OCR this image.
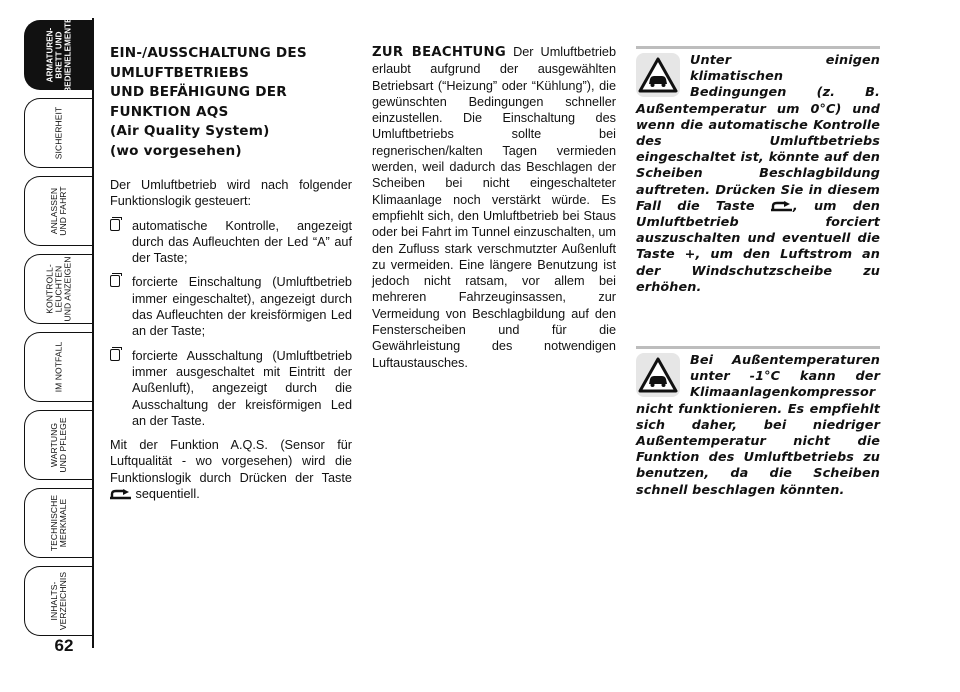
ARMATUREN-
BRETT UND
BEDIENELEMENTE
SICHERHEIT
ANLASSEN
UND FAHRT
KONTROLL-
LEUCHTEN
UND ANZEIGEN
IM NOTFALL
WARTUNG
UND PFLEGE
TECHNISCHE
MERKMALE
INHALTS-
VERZEICHNIS
62
EIN-/AUSSCHALTUNG DES
UMLUFTBETRIEBS
UND BEFÄHIGUNG DER
FUNKTION AQS
(Air Quality System)
(wo vorgesehen)
Der Umluftbetrieb wird nach folgender Funktionslogik gesteuert:
automatische Kontrolle, angezeigt durch das Aufleuchten der Led “A” auf der Taste;
forcierte Einschaltung (Umluftbetrieb immer eingeschaltet), angezeigt durch das Aufleuchten der kreisförmigen Led an der Taste;
forcierte Ausschaltung (Umluftbetrieb immer ausgeschaltet mit Eintritt der Außenluft), angezeigt durch die Ausschaltung der kreisförmigen Led an der Taste.
Mit der Funktion A.Q.S. (Sensor für Luftqualität - wo vorgesehen) wird die Funktionslogik durch Drücken der Taste  sequentiell.
ZUR BEACHTUNG Der Umluftbetrieb erlaubt aufgrund der ausgewählten Betriebsart (“Heizung” oder “Kühlung”), die gewünschten Bedingungen schneller einzustellen. Die Einschaltung des Umluftbetriebs sollte bei regnerischen/kalten Tagen vermieden werden, weil dadurch das Beschlagen der Scheiben bei nicht eingeschalteter Klimaanlage noch verstärkt würde. Es empfiehlt sich, den Umluftbetrieb bei Staus oder bei Fahrt im Tunnel einzuschalten, um den Zufluss stark verschmutzter Außenluft zu vermeiden. Eine längere Benutzung ist jedoch nicht ratsam, vor allem bei mehreren Fahrzeuginsassen, zur Vermeidung von Beschlagbildung auf den Fensterscheiben und für die Gewährleistung des notwendigen Luftaustausches.
Unter einigen klimatischen Bedingungen (z. B. Außentemperatur um 0°C) und wenn die automatische Kontrolle des Umluftbetriebs eingeschaltet ist, könnte auf den Scheiben Beschlagbildung auftreten. Drücken Sie in diesem Fall die Taste	, um den Umluftbetrieb forciert auszuschalten und eventuell die Taste +, um den Luftstrom an der Windschutzscheibe zu erhöhen.
Bei Außentemperaturen unter -1°C kann der Klimaanlagenkompressor nicht funktionieren. Es empfiehlt sich daher, bei niedriger Außentemperatur nicht die Funktion des Umluftbetriebs zu benutzen, da die Scheiben schnell beschlagen könnten.
